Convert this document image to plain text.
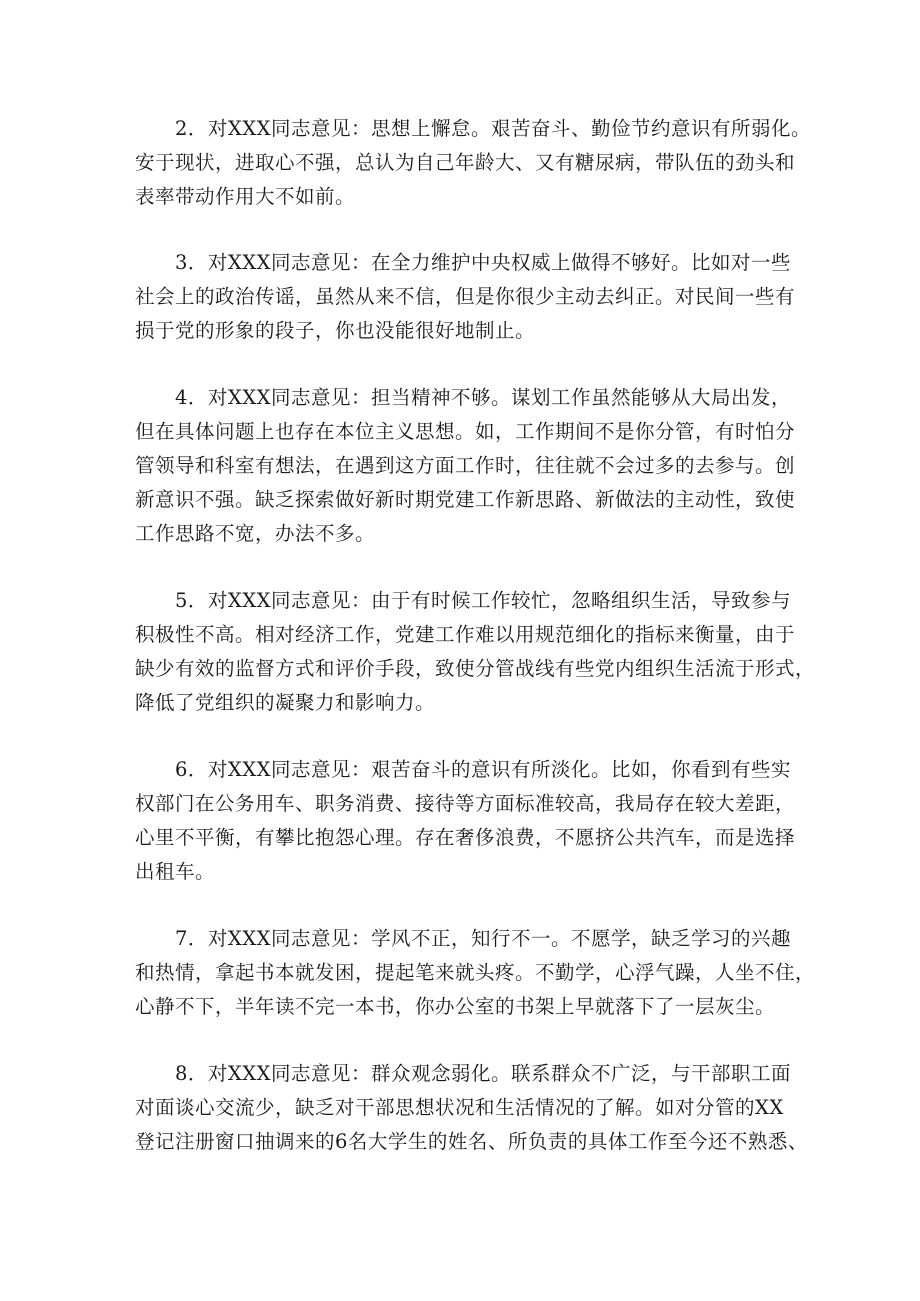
2．对XXX同志意见：思想上懈怠。艰苦奋斗、勤俭节约意识有所弱化。
安于现状，进取心不强，总认为自己年龄大、又有糖尿病，带队伍的劲头和
表率带动作用大不如前。
3．对XXX同志意见：在全力维护中央权威上做得不够好。比如对一些
社会上的政治传谣，虽然从来不信，但是你很少主动去纠正。对民间一些有
损于党的形象的段子，你也没能很好地制止。
4．对XXX同志意见：担当精神不够。谋划工作虽然能够从大局出发，
但在具体问题上也存在本位主义思想。如，工作期间不是你分管，有时怕分
管领导和科室有想法，在遇到这方面工作时，往往就不会过多的去参与。创
新意识不强。缺乏探索做好新时期党建工作新思路、新做法的主动性，致使
工作思路不宽，办法不多。
5．对XXX同志意见：由于有时候工作较忙，忽略组织生活，导致参与
积极性不高。相对经济工作，党建工作难以用规范细化的指标来衡量，由于
缺少有效的监督方式和评价手段，致使分管战线有些党内组织生活流于形式，
降低了党组织的凝聚力和影响力。
6．对XXX同志意见：艰苦奋斗的意识有所淡化。比如，你看到有些实
权部门在公务用车、职务消费、接待等方面标准较高，我局存在较大差距，
心里不平衡，有攀比抱怨心理。存在奢侈浪费，不愿挤公共汽车，而是选择
出租车。
7．对XXX同志意见：学风不正，知行不一。不愿学，缺乏学习的兴趣
和热情，拿起书本就发困，提起笔来就头疼。不勤学，心浮气躁，人坐不住，
心静不下，半年读不完一本书，你办公室的书架上早就落下了一层灰尘。
8．对XXX同志意见：群众观念弱化。联系群众不广泛，与干部职工面
对面谈心交流少，缺乏对干部思想状况和生活情况的了解。如对分管的XX
登记注册窗口抽调来的6名大学生的姓名、所负责的具体工作至今还不熟悉、
